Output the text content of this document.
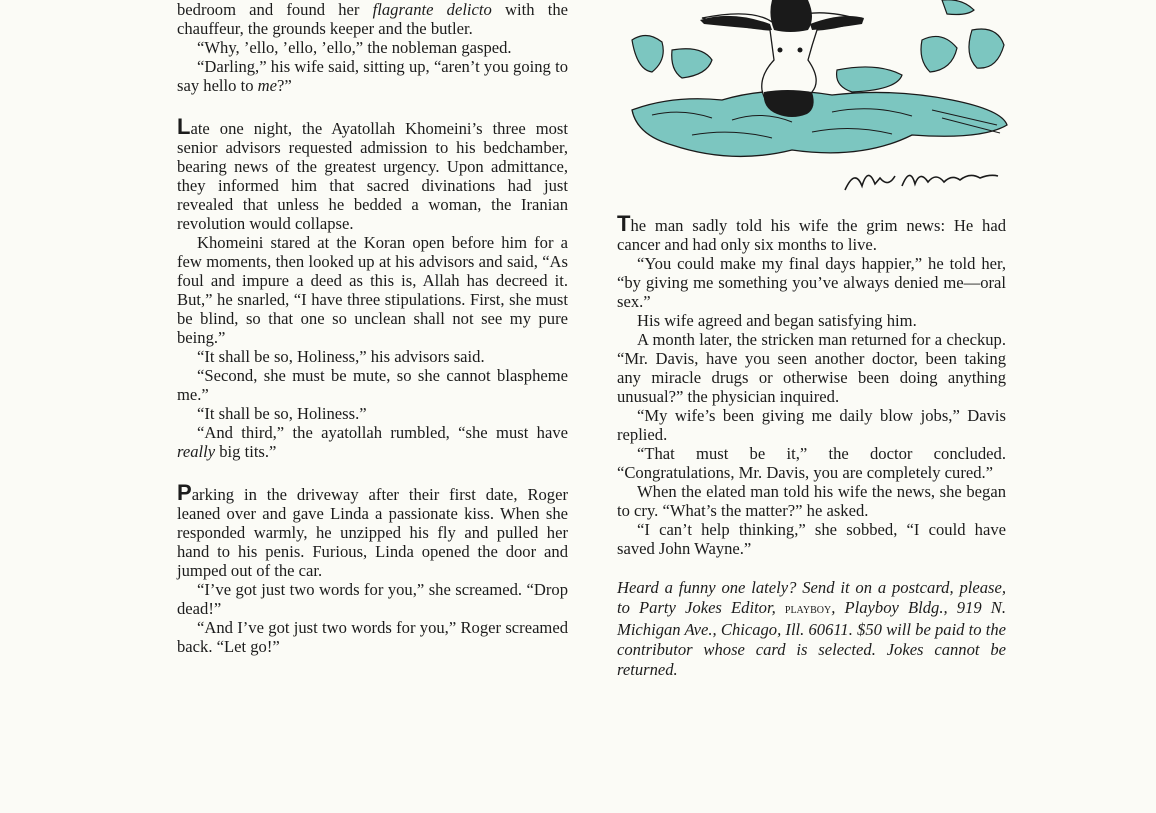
bedroom and found her flagrante delicto with the chauffeur, the grounds keeper and the butler.

“Why, ’ello, ’ello, ’ello,” the nobleman gasped.

“Darling,” his wife said, sitting up, “aren’t you going to say hello to me?”

Late one night, the Ayatollah Khomeini’s three most senior advisors requested admission to his bedchamber, bearing news of the greatest urgency. Upon admittance, they informed him that sacred divinations had just revealed that unless he bedded a woman, the Iranian revolution would collapse.

Khomeini stared at the Koran open before him for a few moments, then looked up at his advisors and said, “As foul and impure a deed as this is, Allah has decreed it. But,” he snarled, “I have three stipulations. First, she must be blind, so that one so unclean shall not see my pure being.”

“It shall be so, Holiness,” his advisors said.

“Second, she must be mute, so she cannot blaspheme me.”

“It shall be so, Holiness.”

“And third,” the ayatollah rumbled, “she must have really big tits.”

Parking in the driveway after their first date, Roger leaned over and gave Linda a passionate kiss. When she responded warmly, he unzipped his fly and pulled her hand to his penis. Furious, Linda opened the door and jumped out of the car.

“I’ve got just two words for you,” she screamed. “Drop dead!”

“And I’ve got just two words for you,” Roger screamed back. “Let go!”

The man sadly told his wife the grim news: He had cancer and had only six months to live.

“You could make my final days happier,” he told her, “by giving me something you’ve always denied me—oral sex.”

His wife agreed and began satisfying him.

A month later, the stricken man returned for a checkup. “Mr. Davis, have you seen another doctor, been taking any miracle drugs or otherwise been doing anything unusual?” the physician inquired.

“My wife’s been giving me daily blow jobs,” Davis replied.

“That must be it,” the doctor concluded. “Congratulations, Mr. Davis, you are completely cured.”

When the elated man told his wife the news, she began to cry. “What’s the matter?” he asked.

“I can’t help thinking,” she sobbed, “I could have saved John Wayne.”

Heard a funny one lately? Send it on a postcard, please, to Party Jokes Editor, playboy, Playboy Bldg., 919 N. Michigan Ave., Chicago, Ill. 60611. $50 will be paid to the contributor whose card is selected. Jokes cannot be returned.
